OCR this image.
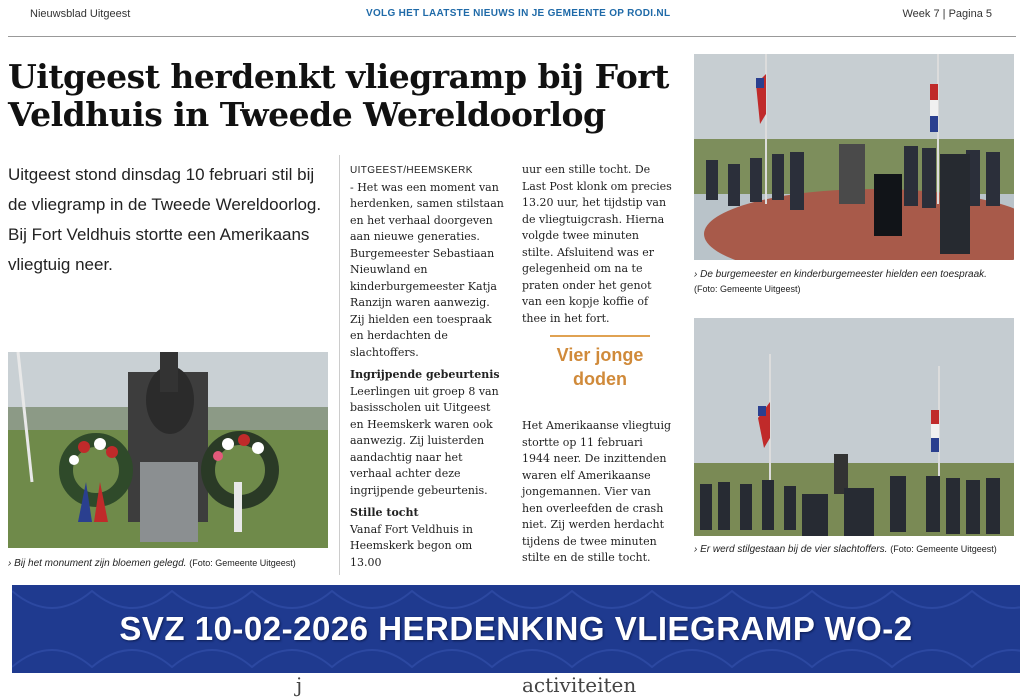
Nieuwsblad Uitgeest	VOLG HET LAATSTE NIEUWS IN JE GEMEENTE OP RODI.NL	Week 7 | Pagina 5
Uitgeest herdenkt vliegramp bij Fort Veldhuis in Tweede Wereldoorlog

Uitgeest stond dinsdag 10 februari stil bij de vliegramp in de Tweede Wereldoorlog. Bij Fort Veldhuis stortte een Amerikaans vliegtuig neer.

UITGEEST/HEEMSKERK

- Het was een moment van herdenken, samen stilstaan en het verhaal doorgeven aan nieuwe generaties. Burgemeester Sebastiaan Nieuwland en kinderburgemeester Katja Ranzijn waren aanwezig. Zij hielden een toespraak en herdachten de slachtoffers.

Ingrijpende gebeurtenis

Leerlingen uit groep 8 van basisscholen uit Uitgeest en Heemskerk waren ook aanwezig. Zij luisterden aandachtig naar het verhaal achter deze ingrijpende gebeurtenis.

Stille tocht

Vanaf Fort Veldhuis in Heemskerk begon om 13.00

uur een stille tocht. De Last Post klonk om precies 13.20 uur, het tijdstip van de vliegtuigcrash. Hierna volgde twee minuten stilte. Afsluitend was er gelegenheid om na te praten onder het genot van een kopje koffie of thee in het fort.

Vier jonge doden

Het Amerikaanse vliegtuig stortte op 11 februari 1944 neer. De inzittenden waren elf Amerikaanse jongemannen. Vier van hen overleefden de crash niet. Zij werden herdacht tijdens de twee minuten stilte en de stille tocht.

› Bij het monument zijn bloemen gelegd. (Foto: Gemeente Uitgeest)
› De burgemeester en kinderburgemeester hielden een toespraak.
(Foto: Gemeente Uitgeest)
› Er werd stilgestaan bij de vier slachtoffers. (Foto: Gemeente Uitgeest)
SVZ 10-02-2026 HERDENKING VLIEGRAMP WO-2
j	activiteiten
